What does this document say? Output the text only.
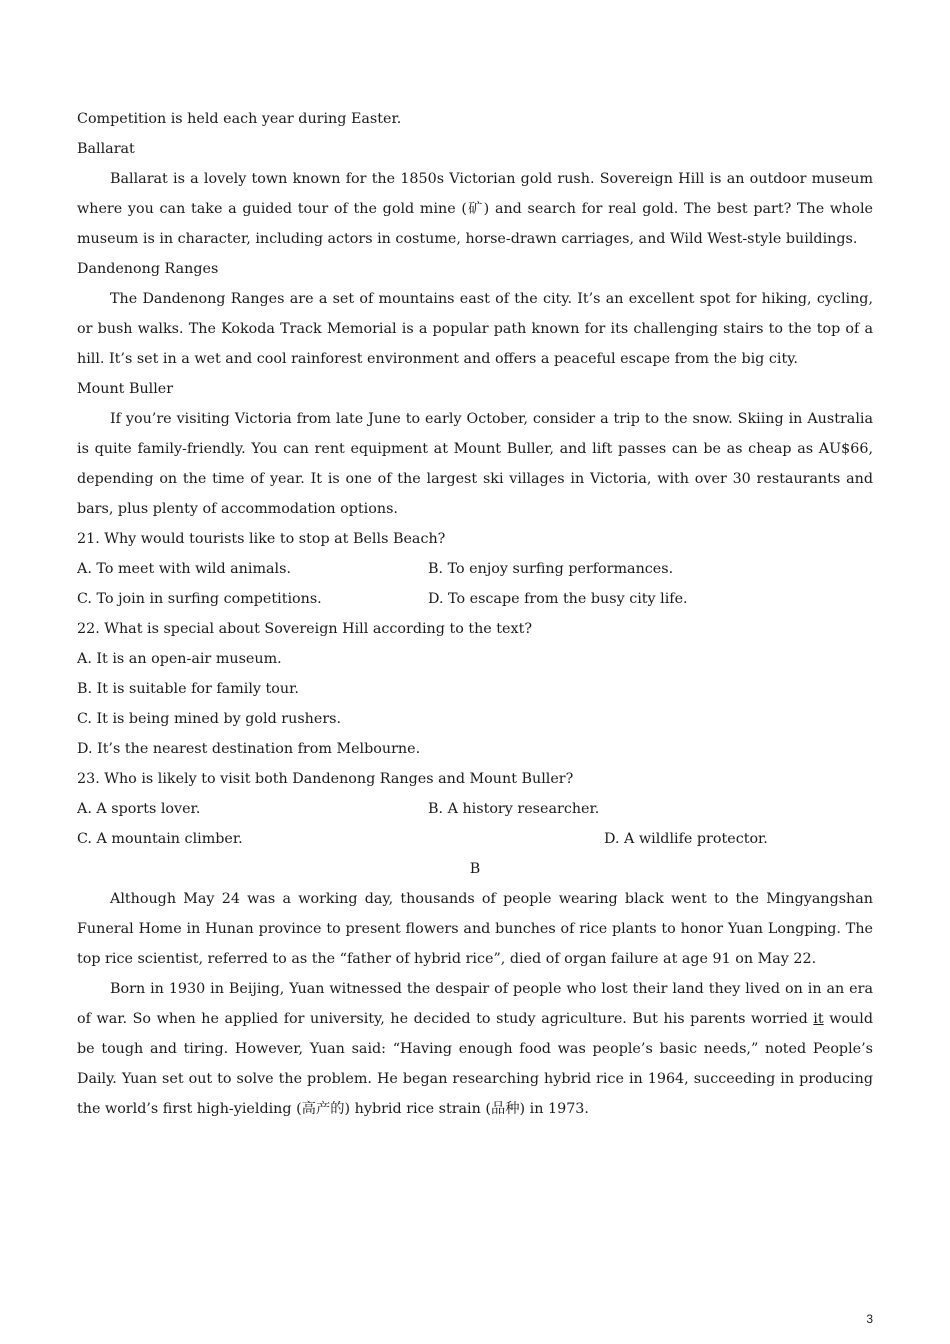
Competition is held each year during Easter.
Ballarat
Ballarat is a lovely town known for the 1850s Victorian gold rush. Sovereign Hill is an outdoor museum where you can take a guided tour of the gold mine (矿) and search for real gold. The best part? The whole museum is in character, including actors in costume, horse-drawn carriages, and Wild West-style buildings.
Dandenong Ranges
The Dandenong Ranges are a set of mountains east of the city. It’s an excellent spot for hiking, cycling, or bush walks. The Kokoda Track Memorial is a popular path known for its challenging stairs to the top of a hill. It’s set in a wet and cool rainforest environment and offers a peaceful escape from the big city.
Mount Buller
If you’re visiting Victoria from late June to early October, consider a trip to the snow. Skiing in Australia is quite family-friendly. You can rent equipment at Mount Buller, and lift passes can be as cheap as AU$66, depending on the time of year. It is one of the largest ski villages in Victoria, with over 30 restaurants and bars, plus plenty of accommodation options.
21. Why would tourists like to stop at Bells Beach?
A. To meet with wild animals.	B. To enjoy surfing performances.
C. To join in surfing competitions.	D. To escape from the busy city life.
22. What is special about Sovereign Hill according to the text?
A. It is an open-air museum.
B. It is suitable for family tour.
C. It is being mined by gold rushers.
D. It’s the nearest destination from Melbourne.
23. Who is likely to visit both Dandenong Ranges and Mount Buller?
A. A sports lover.	B. A history researcher.
C. A mountain climber.	D. A wildlife protector.
B
Although May 24 was a working day, thousands of people wearing black went to the Mingyangshan Funeral Home in Hunan province to present flowers and bunches of rice plants to honor Yuan Longping. The top rice scientist, referred to as the “father of hybrid rice”, died of organ failure at age 91 on May 22.
Born in 1930 in Beijing, Yuan witnessed the despair of people who lost their land they lived on in an era of war. So when he applied for university, he decided to study agriculture. But his parents worried it would be tough and tiring. However, Yuan said: “Having enough food was people’s basic needs,” noted People’s Daily. Yuan set out to solve the problem. He began researching hybrid rice in 1964, succeeding in producing the world’s first high-yielding (高产的) hybrid rice strain (品种) in 1973.
3
